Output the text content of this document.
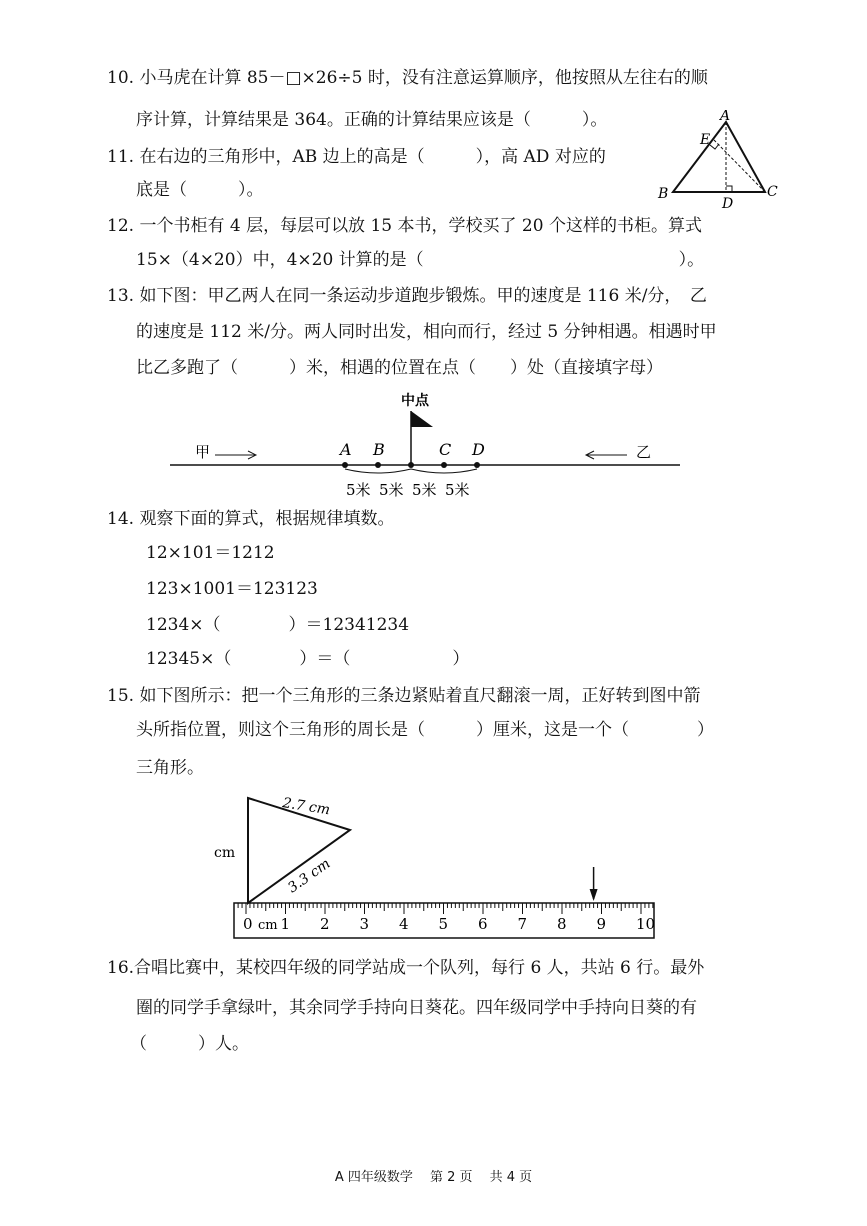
10. 小马虎在计算 85－□×26÷5 时，没有注意运算顺序，他按照从左往右的顺
序计算，计算结果是 364。正确的计算结果应该是（　　　）。
11. 在右边的三角形中，AB 边上的高是（　　　），高 AD 对应的
底是（　　　）。
A
E
B	C
D
12. 一个书柜有 4 层，每层可以放 15 本书，学校买了 20 个这样的书柜。算式
15×（4×20）中，4×20 计算的是（　　　　　　　　　　　　　　　）。
13. 如下图：甲乙两人在同一条运动步道跑步锻炼。甲的速度是 116 米/分，　乙
的速度是 112 米/分。两人同时出发，相向而行，经过 5 分钟相遇。相遇时甲
比乙多跑了（　　　）米，相遇的位置在点（　　）处（直接填字母）
中点
甲	乙
A B	C D
5米 5米 5米 5米
14. 观察下面的算式，根据规律填数。
12×101＝1212
123×1001＝123123
1234×（　　　　）＝12341234
12345×（　　　　）＝（　　　　　　）
15. 如下图所示：把一个三角形的三条边紧贴着直尺翻滚一周，正好转到图中箭
头所指位置，则这个三角形的周长是（　　　）厘米，这是一个（　　　　）
三角形。
2.7 cm
3.3 cm
cm
0 1 2 3 4 5 6 7 8 9 10
cm
16.合唱比赛中，某校四年级的同学站成一个队列，每行 6 人，共站 6 行。最外
圈的同学手拿绿叶，其余同学手持向日葵花。四年级同学中手持向日葵的有
（　　　）人。
A 四年级数学　 第 2 页　 共 4 页
